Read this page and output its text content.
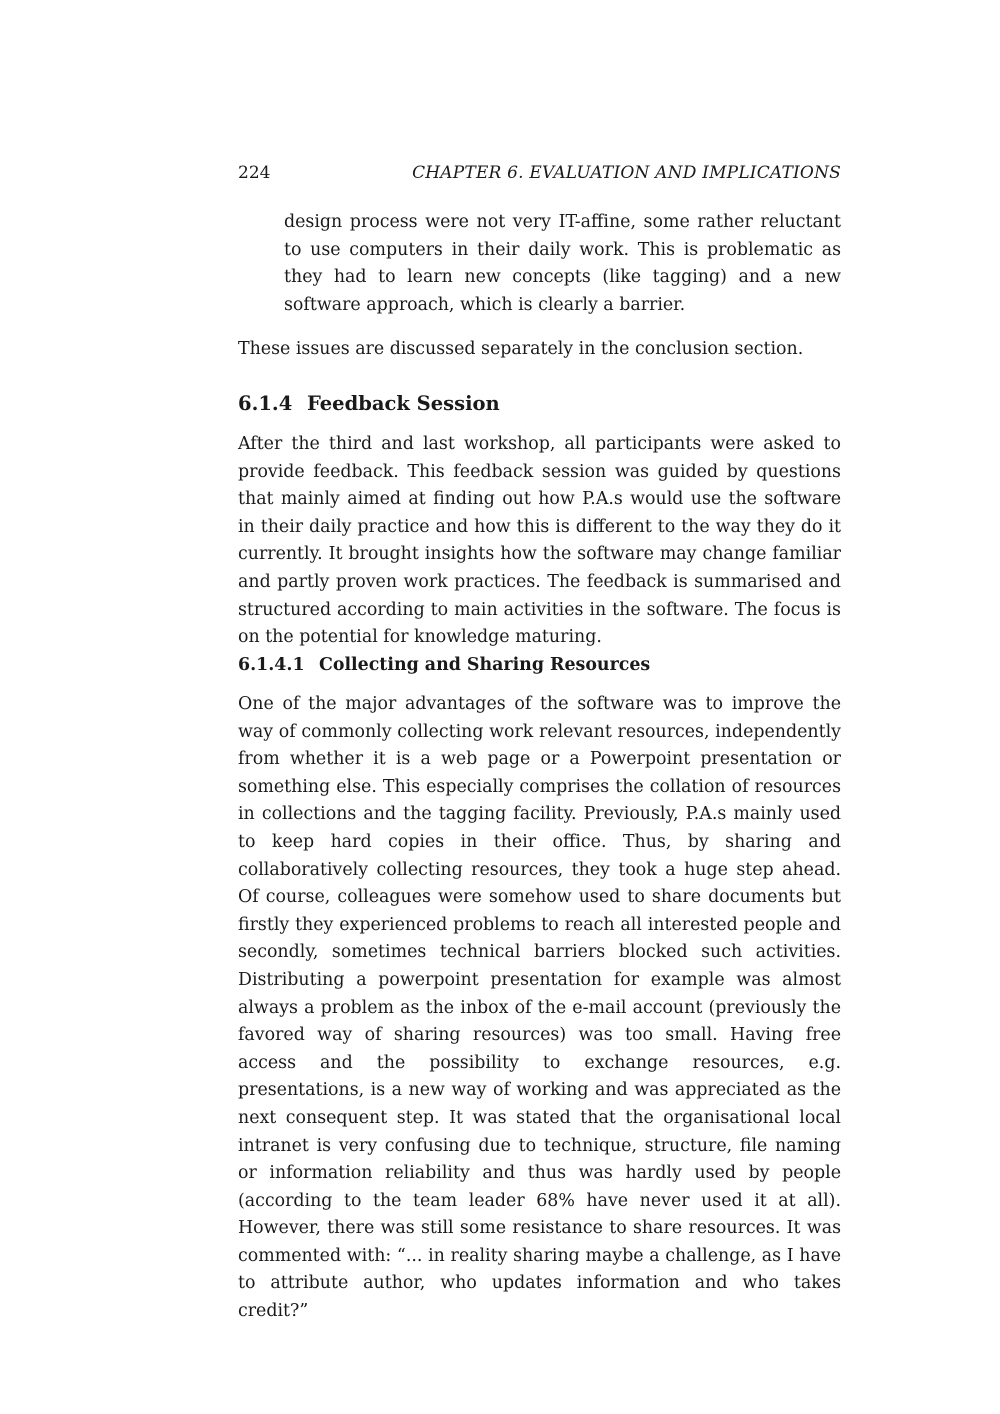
224	CHAPTER 6. EVALUATION AND IMPLICATIONS

design process were not very IT-affine, some rather reluctant to use computers in their daily work. This is problematic as they had to learn new concepts (like tagging) and a new software approach, which is clearly a barrier.

These issues are discussed separately in the conclusion section.

6.1.4 Feedback Session

After the third and last workshop, all participants were asked to provide feedback. This feedback session was guided by questions that mainly aimed at finding out how P.A.s would use the software in their daily practice and how this is different to the way they do it currently. It brought insights how the software may change familiar and partly proven work practices. The feedback is summarised and structured according to main activities in the software. The focus is on the potential for knowledge maturing.

6.1.4.1 Collecting and Sharing Resources

One of the major advantages of the software was to improve the way of commonly collecting work relevant resources, independently from whether it is a web page or a Powerpoint presentation or something else. This especially comprises the collation of resources in collections and the tagging facility. Previously, P.A.s mainly used to keep hard copies in their office. Thus, by sharing and collaboratively collecting resources, they took a huge step ahead. Of course, colleagues were somehow used to share documents but firstly they experienced problems to reach all interested people and secondly, sometimes technical barriers blocked such activities. Distributing a powerpoint presentation for example was almost always a problem as the inbox of the e-mail account (previously the favored way of sharing resources) was too small. Having free access and the possibility to exchange resources, e.g. presentations, is a new way of working and was appreciated as the next consequent step. It was stated that the organisational local intranet is very confusing due to technique, structure, file naming or information reliability and thus was hardly used by people (according to the team leader 68% have never used it at all). However, there was still some resistance to share resources. It was commented with: “... in reality sharing maybe a challenge, as I have to attribute author, who updates information and who takes credit?”
